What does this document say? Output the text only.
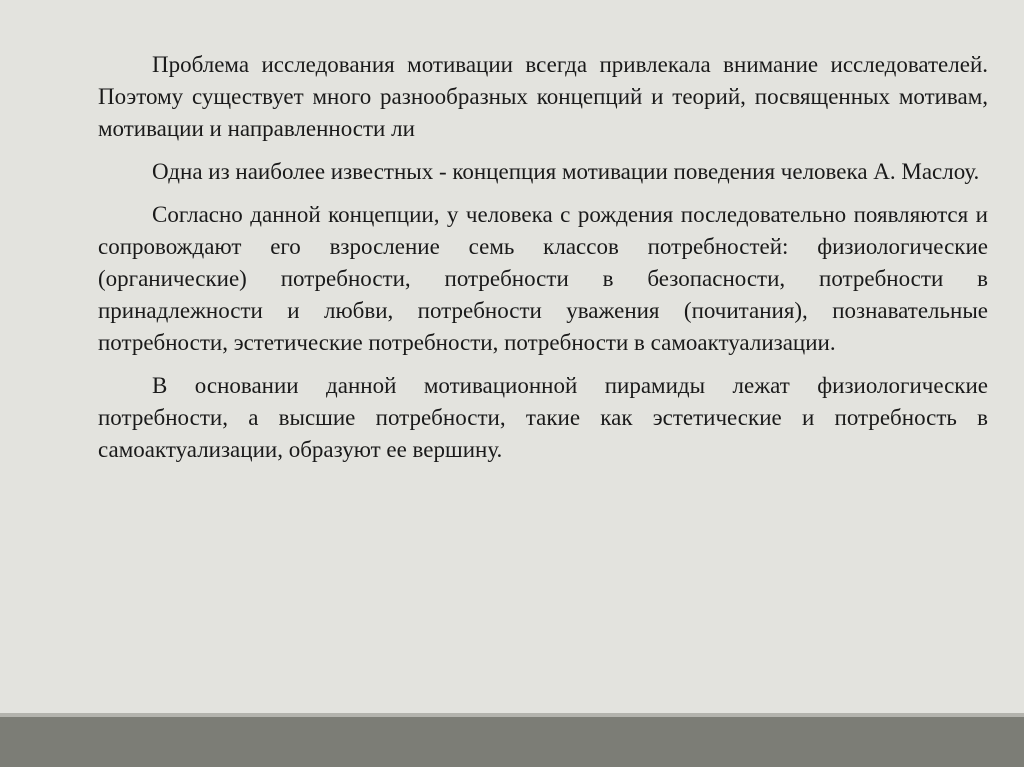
Проблема исследования мотивации всегда привлекала внимание исследователей. Поэтому существует много разнообразных концепций и теорий, посвященных мотивам, мотивации и направленности ли

Одна из наиболее известных - концепция мотивации поведения человека А. Маслоу.

Согласно данной концепции, у человека с рождения последовательно появляются и сопровождают его взросление семь классов потребностей: физиологические (органические) потребности, потребности в безопасности, потребности в принадлежности и любви, потребности уважения (почитания), познавательные потребности, эстетические потребности, потребности в самоактуализации.

В основании данной мотивационной пирамиды лежат физиологические потребности, а высшие потребности, такие как эстетические и потребность в самоактуализации, образуют ее вершину.
